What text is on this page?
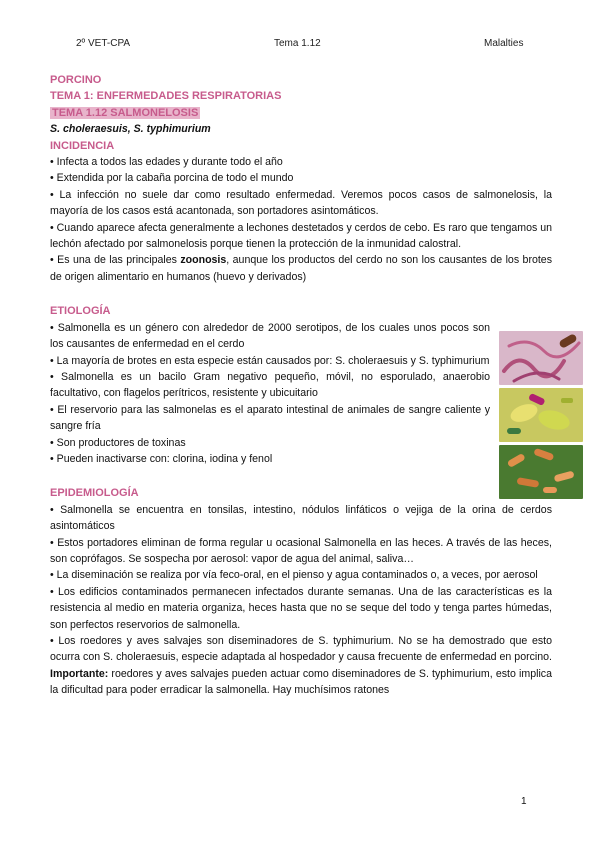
2º VET-CPA	Tema 1.12	Malalties
PORCINO
TEMA 1: ENFERMEDADES RESPIRATORIAS
TEMA 1.12 SALMONELOSIS
S. choleraesuis, S. typhimurium
INCIDENCIA

• Infecta a todos las edades y durante todo el año

• Extendida por la cabaña porcina de todo el mundo

• La infección no suele dar como resultado enfermedad. Veremos pocos casos de salmonelosis, la mayoría de los casos está acantonada, son portadores asintomáticos.

• Cuando aparece afecta generalmente a lechones destetados y cerdos de cebo. Es raro que tengamos un lechón afectado por salmonelosis porque tienen la protección de la inmunidad calostral.

• Es una de las principales zoonosis, aunque los productos del cerdo no son los causantes de los brotes de origen alimentario en humanos (huevo y derivados)

ETIOLOGÍA

• Salmonella es un género con alrededor de 2000 serotipos, de los cuales unos pocos son los causantes de enfermedad en el cerdo

• La mayoría de brotes en esta especie están causados por: S. choleraesuis y S. typhimurium

• Salmonella es un bacilo Gram negativo pequeño, móvil, no esporulado, anaerobio facultativo, con flagelos perítricos, resistente y ubicuitario

• El reservorio para las salmonelas es el aparato intestinal de animales de sangre caliente y sangre fría

• Son productores de toxinas

• Pueden inactivarse con: clorina, iodina y fenol

EPIDEMIOLOGÍA

• Salmonella se encuentra en tonsilas, intestino, nódulos linfáticos o vejiga de la orina de cerdos asintomáticos

• Estos portadores eliminan de forma regular u ocasional Salmonella en las heces. A través de las heces, son coprófagos. Se sospecha por aerosol: vapor de agua del animal, saliva…

• La diseminación se realiza por vía feco-oral, en el pienso y agua contaminados o, a veces, por aerosol

• Los edificios contaminados permanecen infectados durante semanas. Una de las características es la resistencia al medio en materia organiza, heces hasta que no se seque del todo y tenga partes húmedas, son perfectos reservorios de salmonella.

• Los roedores y aves salvajes son diseminadores de S. typhimurium. No se ha demostrado que esto ocurra con S. choleraesuis, especie adaptada al hospedador y causa frecuente de enfermedad en porcino. Importante: roedores y aves salvajes pueden actuar como diseminadores de S. typhimurium, esto implica la dificultad para poder erradicar la salmonella. Hay muchísimos ratones

1
